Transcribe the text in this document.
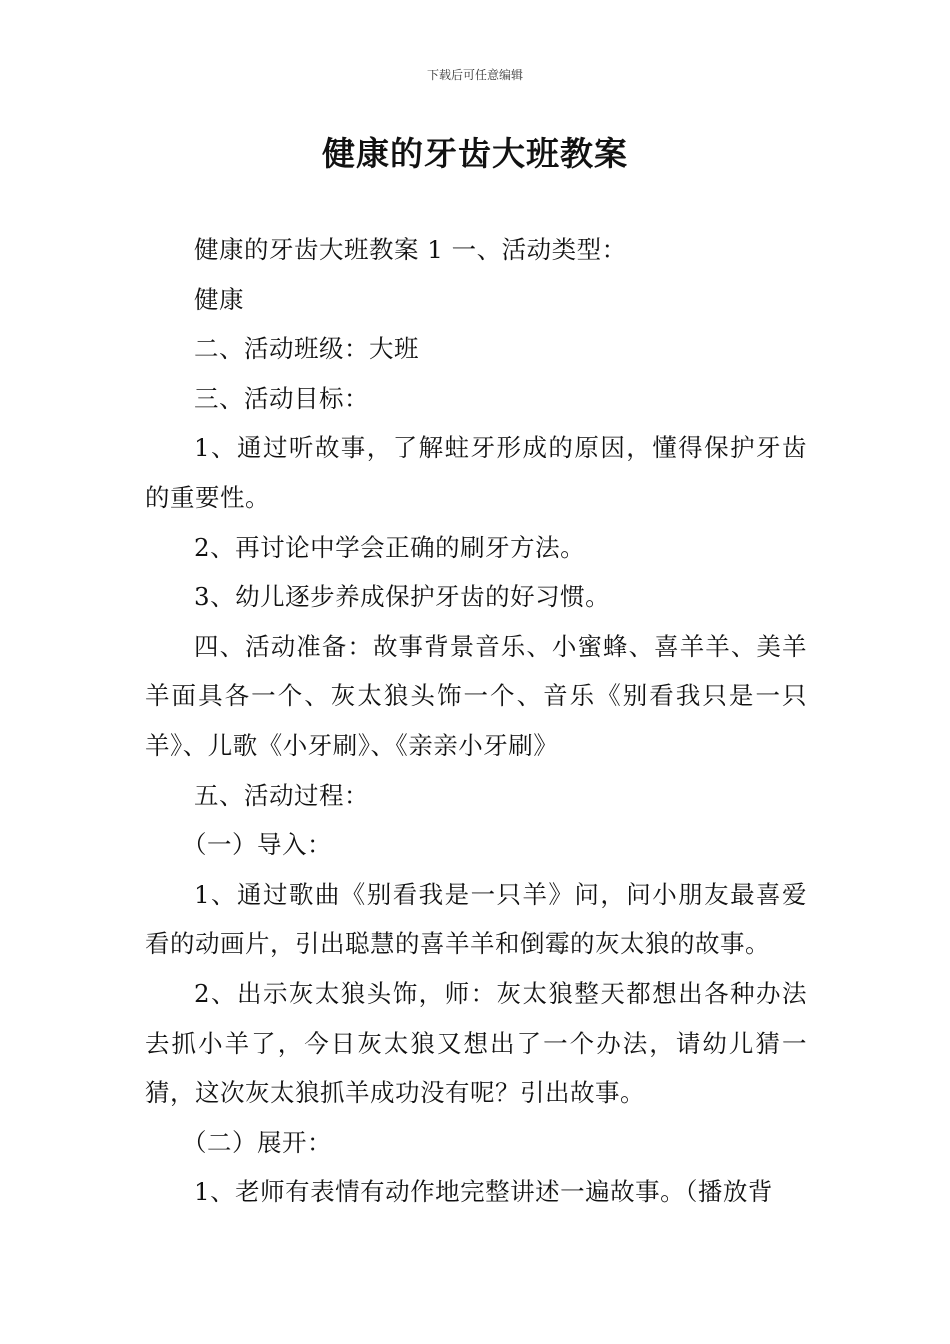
下载后可任意编辑
健康的牙齿大班教案

健康的牙齿大班教案 1 一、活动类型：

健康

二、活动班级：大班

三、活动目标：

1、通过听故事，了解蛀牙形成的原因，懂得保护牙齿的重要性。

2、再讨论中学会正确的刷牙方法。

3、幼儿逐步养成保护牙齿的好习惯。

四、活动准备：故事背景音乐、小蜜蜂、喜羊羊、美羊羊面具各一个、灰太狼头饰一个、音乐《别看我只是一只羊》、儿歌《小牙刷》、《亲亲小牙刷》

五、活动过程：

（一）导入：

1、通过歌曲《别看我是一只羊》问，问小朋友最喜爱看的动画片，引出聪慧的喜羊羊和倒霉的灰太狼的故事。

2、出示灰太狼头饰，师：灰太狼整天都想出各种办法去抓小羊了，今日灰太狼又想出了一个办法，请幼儿猜一猜，这次灰太狼抓羊成功没有呢？引出故事。

（二）展开：

1、老师有表情有动作地完整讲述一遍故事。（播放背
